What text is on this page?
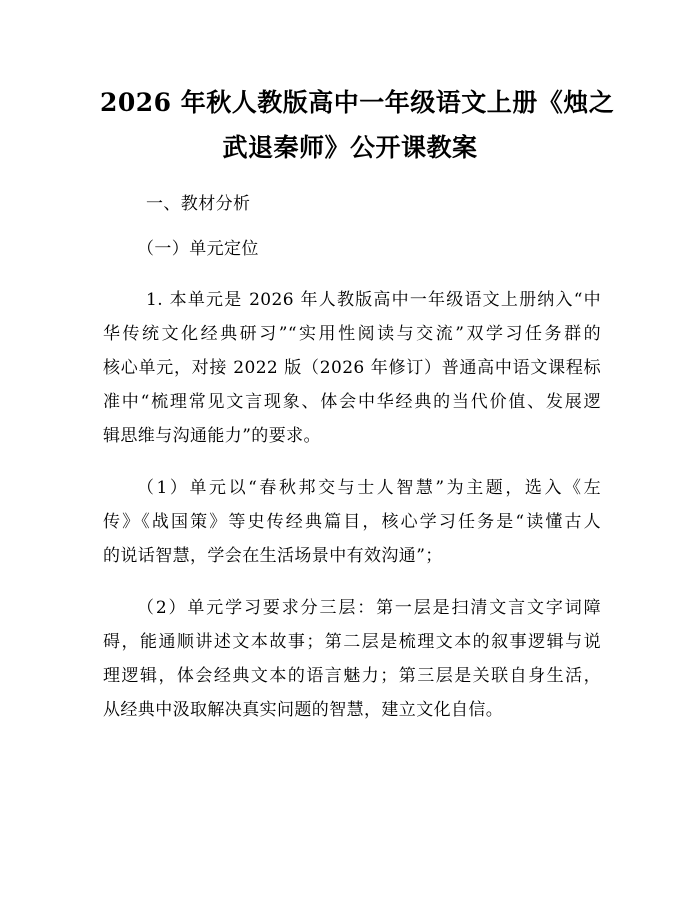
2026 年秋人教版高中一年级语文上册《烛之
武退秦师》公开课教案
一、教材分析
（一）单元定位
1. 本单元是 2026 年人教版高中一年级语文上册纳入“中
华传统文化经典研习”“实用性阅读与交流”双学习任务群的
核心单元，对接 2022 版（2026 年修订）普通高中语文课程标
准中“梳理常见文言现象、体会中华经典的当代价值、发展逻
辑思维与沟通能力”的要求。
（1）单元以“春秋邦交与士人智慧”为主题，选入《左
传》《战国策》等史传经典篇目，核心学习任务是“读懂古人
的说话智慧，学会在生活场景中有效沟通”；
（2）单元学习要求分三层：第一层是扫清文言文字词障
碍，能通顺讲述文本故事；第二层是梳理文本的叙事逻辑与说
理逻辑，体会经典文本的语言魅力；第三层是关联自身生活，
从经典中汲取解决真实问题的智慧，建立文化自信。
